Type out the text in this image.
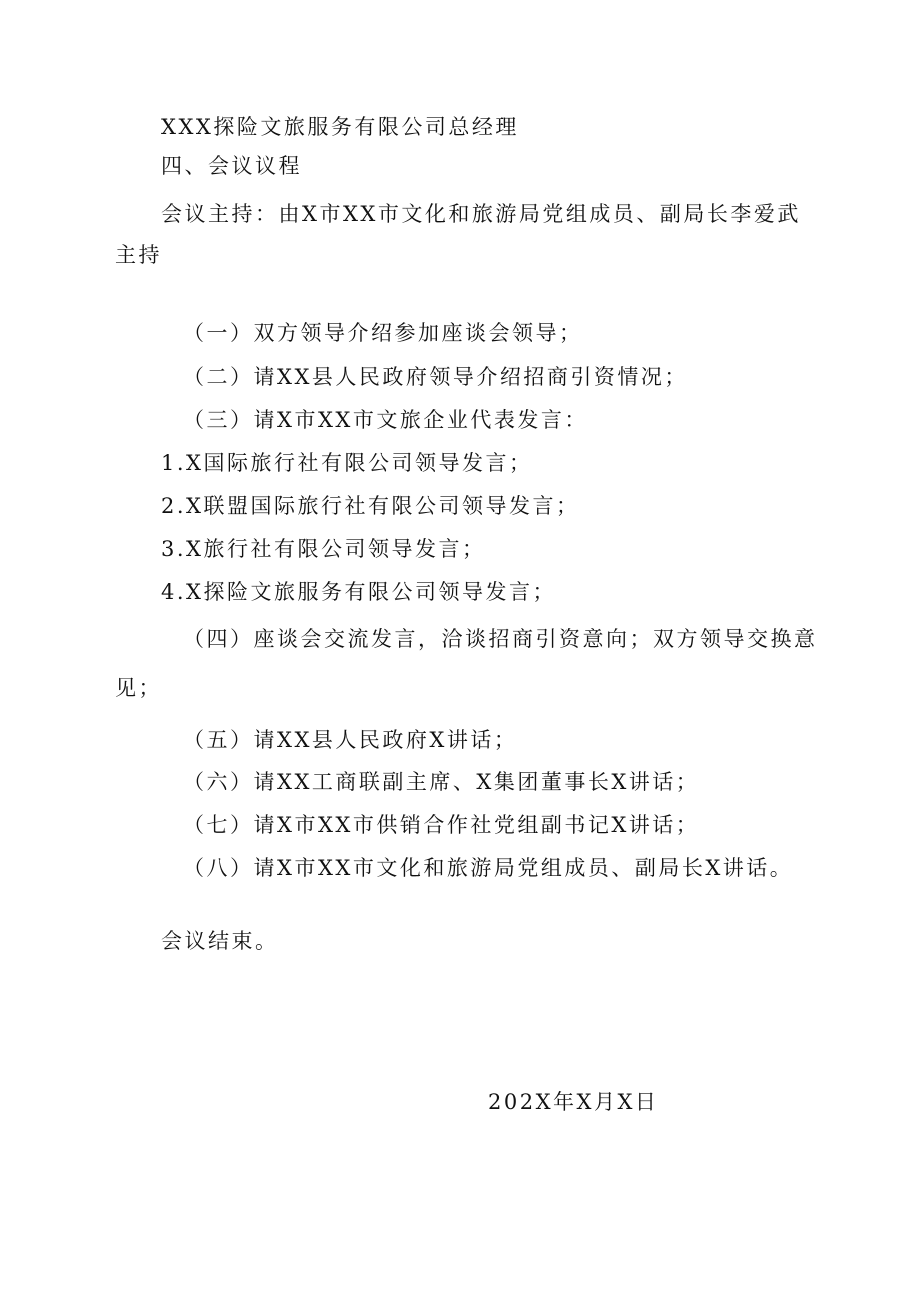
XXX探险文旅服务有限公司总经理
四、会议议程
会议主持：由X市XX市文化和旅游局党组成员、副局长李爱武
主持
（一）双方领导介绍参加座谈会领导；
（二）请XX县人民政府领导介绍招商引资情况；
（三）请X市XX市文旅企业代表发言：
1.X国际旅行社有限公司领导发言；
2.X联盟国际旅行社有限公司领导发言；
3.X旅行社有限公司领导发言；
4.X探险文旅服务有限公司领导发言；
（四）座谈会交流发言，洽谈招商引资意向；双方领导交换意
见；
（五）请XX县人民政府X讲话；
（六）请XX工商联副主席、X集团董事长X讲话；
（七）请X市XX市供销合作社党组副书记X讲话；
（八）请X市XX市文化和旅游局党组成员、副局长X讲话。
会议结束。
202X年X月X日
